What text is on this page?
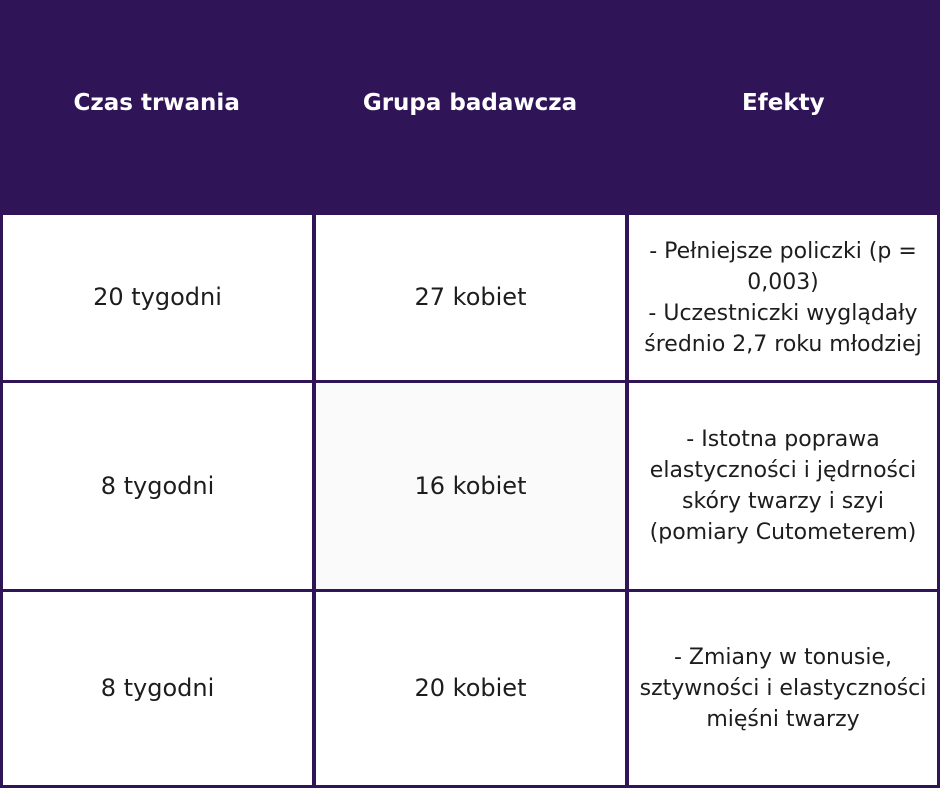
Czas trwania	Grupa badawcza	Efekty
20 tygodni	27 kobiet
- Pełniejsze policzki (p = 0,003)
- Uczestniczki wyglądały średnio 2,7 roku młodziej
8 tygodni	16 kobiet
- Istotna poprawa elastyczności i jędrności skóry twarzy i szyi (pomiary Cutometerem)
8 tygodni	20 kobiet
- Zmiany w tonusie, sztywności i elastyczności mięśni twarzy
